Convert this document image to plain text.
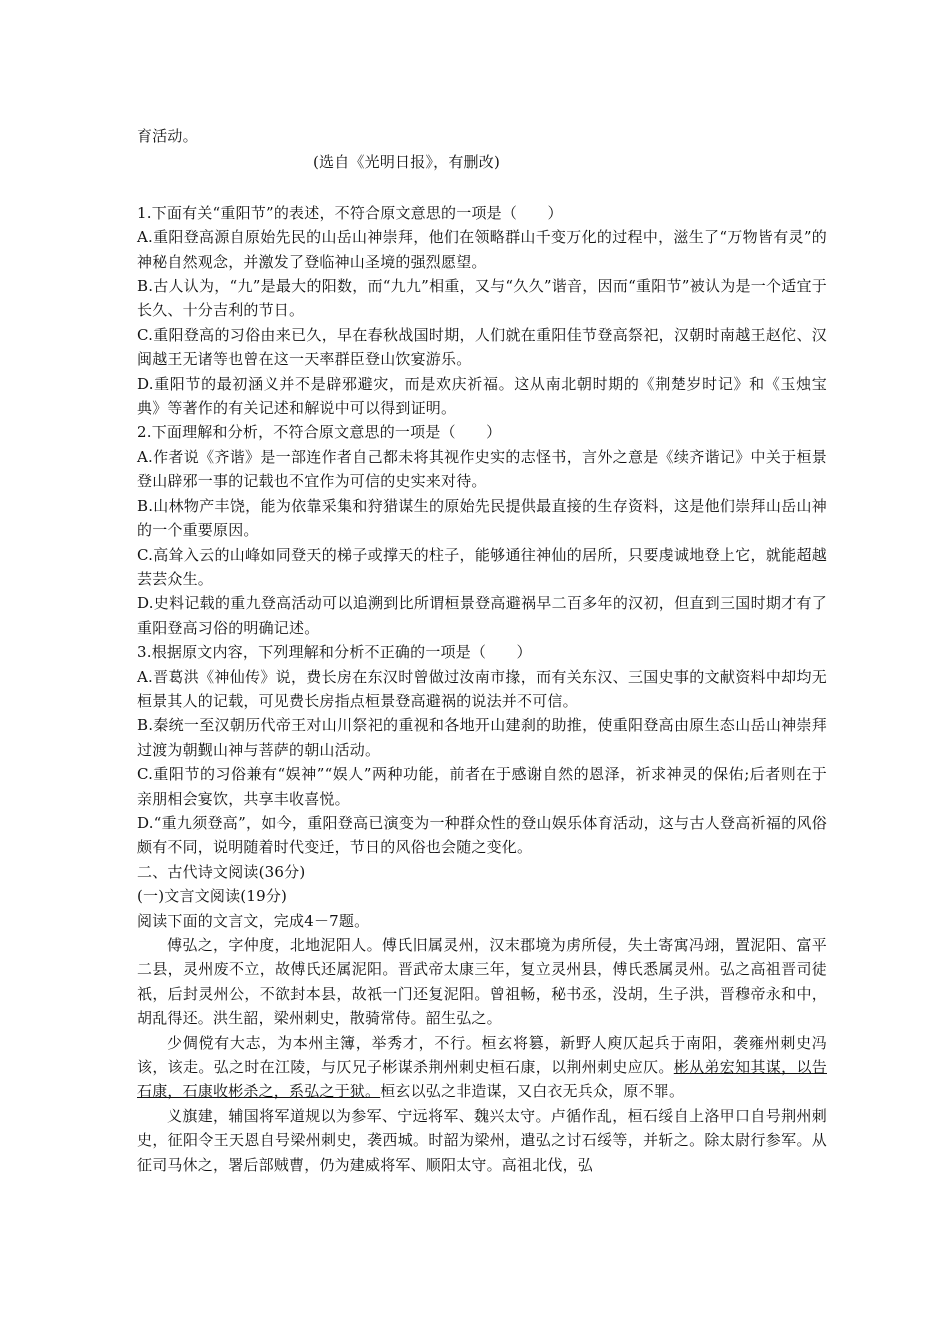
育活动。

(选自《光明日报》，有删改)

1.下面有关“重阳节”的表述，不符合原文意思的一项是（　　）

A.重阳登高源自原始先民的山岳山神崇拜，他们在领略群山千变万化的过程中，滋生了“万物皆有灵”的神秘自然观念，并激发了登临神山圣境的强烈愿望。

B.古人认为，“九”是最大的阳数，而“九九”相重，又与“久久”谐音，因而“重阳节”被认为是一个适宜于长久、十分吉利的节日。

C.重阳登高的习俗由来已久，早在春秋战国时期，人们就在重阳佳节登高祭祀，汉朝时南越王赵佗、汉闽越王无诸等也曾在这一天率群臣登山饮宴游乐。

D.重阳节的最初涵义并不是辟邪避灾，而是欢庆祈福。这从南北朝时期的《荆楚岁时记》和《玉烛宝典》等著作的有关记述和解说中可以得到证明。

2.下面理解和分析，不符合原文意思的一项是（　　）

A.作者说《齐谐》是一部连作者自己都未将其视作史实的志怪书，言外之意是《续齐谐记》中关于桓景登山辟邪一事的记载也不宜作为可信的史实来对待。

B.山林物产丰饶，能为依靠采集和狩猎谋生的原始先民提供最直接的生存资料，这是他们崇拜山岳山神的一个重要原因。

C.高耸入云的山峰如同登天的梯子或撑天的柱子，能够通往神仙的居所，只要虔诚地登上它，就能超越芸芸众生。

D.史料记载的重九登高活动可以追溯到比所谓桓景登高避祸早二百多年的汉初，但直到三国时期才有了重阳登高习俗的明确记述。

3.根据原文内容，下列理解和分析不正确的一项是（　　）

A.晋葛洪《神仙传》说，费长房在东汉时曾做过汝南市掾，而有关东汉、三国史事的文献资料中却均无桓景其人的记载，可见费长房指点桓景登高避祸的说法并不可信。

B.秦统一至汉朝历代帝王对山川祭祀的重视和各地开山建刹的助推，使重阳登高由原生态山岳山神崇拜过渡为朝觐山神与菩萨的朝山活动。

C.重阳节的习俗兼有“娱神”“娱人”两种功能，前者在于感谢自然的恩泽，祈求神灵的保佑;后者则在于亲朋相会宴饮，共享丰收喜悦。

D.“重九须登高”，如今，重阳登高已演变为一种群众性的登山娱乐体育活动，这与古人登高祈福的风俗颇有不同，说明随着时代变迁，节日的风俗也会随之变化。

二、古代诗文阅读(36分)

(一)文言文阅读(19分)

阅读下面的文言文，完成4－7题。

傅弘之，字仲度，北地泥阳人。傅氏旧属灵州，汉末郡境为虏所侵，失土寄寓冯翊，置泥阳、富平二县，灵州废不立，故傅氏还属泥阳。晋武帝太康三年，复立灵州县，傅氏悉属灵州。弘之高祖晋司徒祇，后封灵州公，不欲封本县，故祇一门还复泥阳。曾祖畅，秘书丞，没胡，生子洪，晋穆帝永和中，胡乱得还。洪生韶，梁州刺史，散骑常侍。韶生弘之。

少倜傥有大志，为本州主簿，举秀才，不行。桓玄将篡，新野人庾仄起兵于南阳，袭雍州刺史冯该，该走。弘之时在江陵，与仄兄子彬谋杀荆州刺史桓石康，以荆州刺史应仄。彬从弟宏知其谋，以告石康，石康收彬杀之，系弘之于狱。桓玄以弘之非造谋，又白衣无兵众，原不罪。

义旗建，辅国将军道规以为参军、宁远将军、魏兴太守。卢循作乱，桓石绥自上洛甲口自号荆州刺史，征阳令王天恩自号梁州刺史，袭西城。时韶为梁州，遣弘之讨石绥等，并斩之。除太尉行参军。从征司马休之，署后部贼曹，仍为建威将军、顺阳太守。高祖北伐，弘
